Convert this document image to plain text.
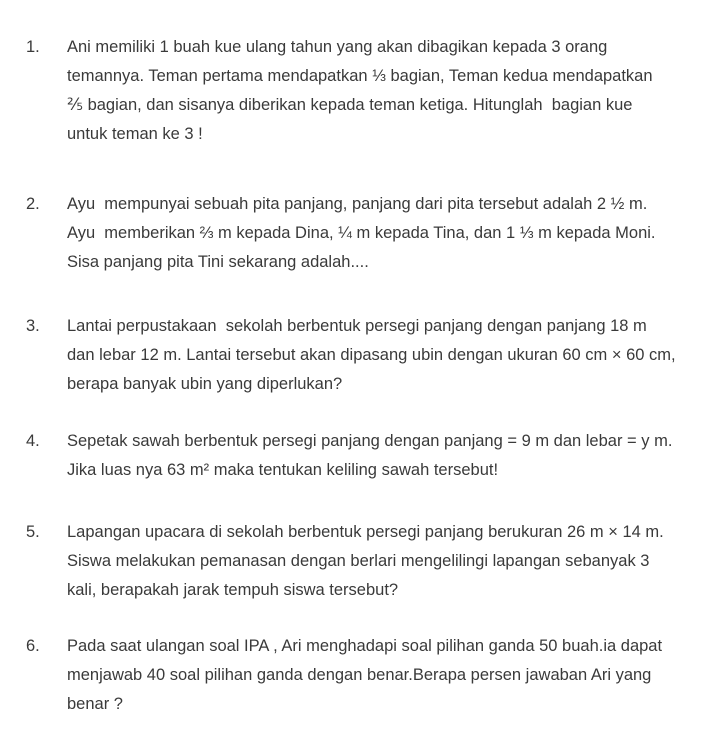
1.	Ani memiliki 1 buah kue ulang tahun yang akan dibagikan kepada 3 orang
temannya. Teman pertama mendapatkan ⅓ bagian, Teman kedua mendapatkan
⅖ bagian, dan sisanya diberikan kepada teman ketiga. Hitunglah  bagian kue
untuk teman ke 3 !
2.	Ayu  mempunyai sebuah pita panjang, panjang dari pita tersebut adalah 2 ½ m.
Ayu  memberikan ⅔ m kepada Dina, ¼ m kepada Tina, dan 1 ⅓ m kepada Moni.
Sisa panjang pita Tini sekarang adalah....
3.	Lantai perpustakaan  sekolah berbentuk persegi panjang dengan panjang 18 m
dan lebar 12 m. Lantai tersebut akan dipasang ubin dengan ukuran 60 cm × 60 cm,
berapa banyak ubin yang diperlukan?
4.	Sepetak sawah berbentuk persegi panjang dengan panjang = 9 m dan lebar = y m.
Jika luas nya 63 m² maka tentukan keliling sawah tersebut!
5.	Lapangan upacara di sekolah berbentuk persegi panjang berukuran 26 m × 14 m.
Siswa melakukan pemanasan dengan berlari mengelilingi lapangan sebanyak 3
kali, berapakah jarak tempuh siswa tersebut?
6.	Pada saat ulangan soal IPA , Ari menghadapi soal pilihan ganda 50 buah.ia dapat
menjawab 40 soal pilihan ganda dengan benar.Berapa persen jawaban Ari yang
benar ?
